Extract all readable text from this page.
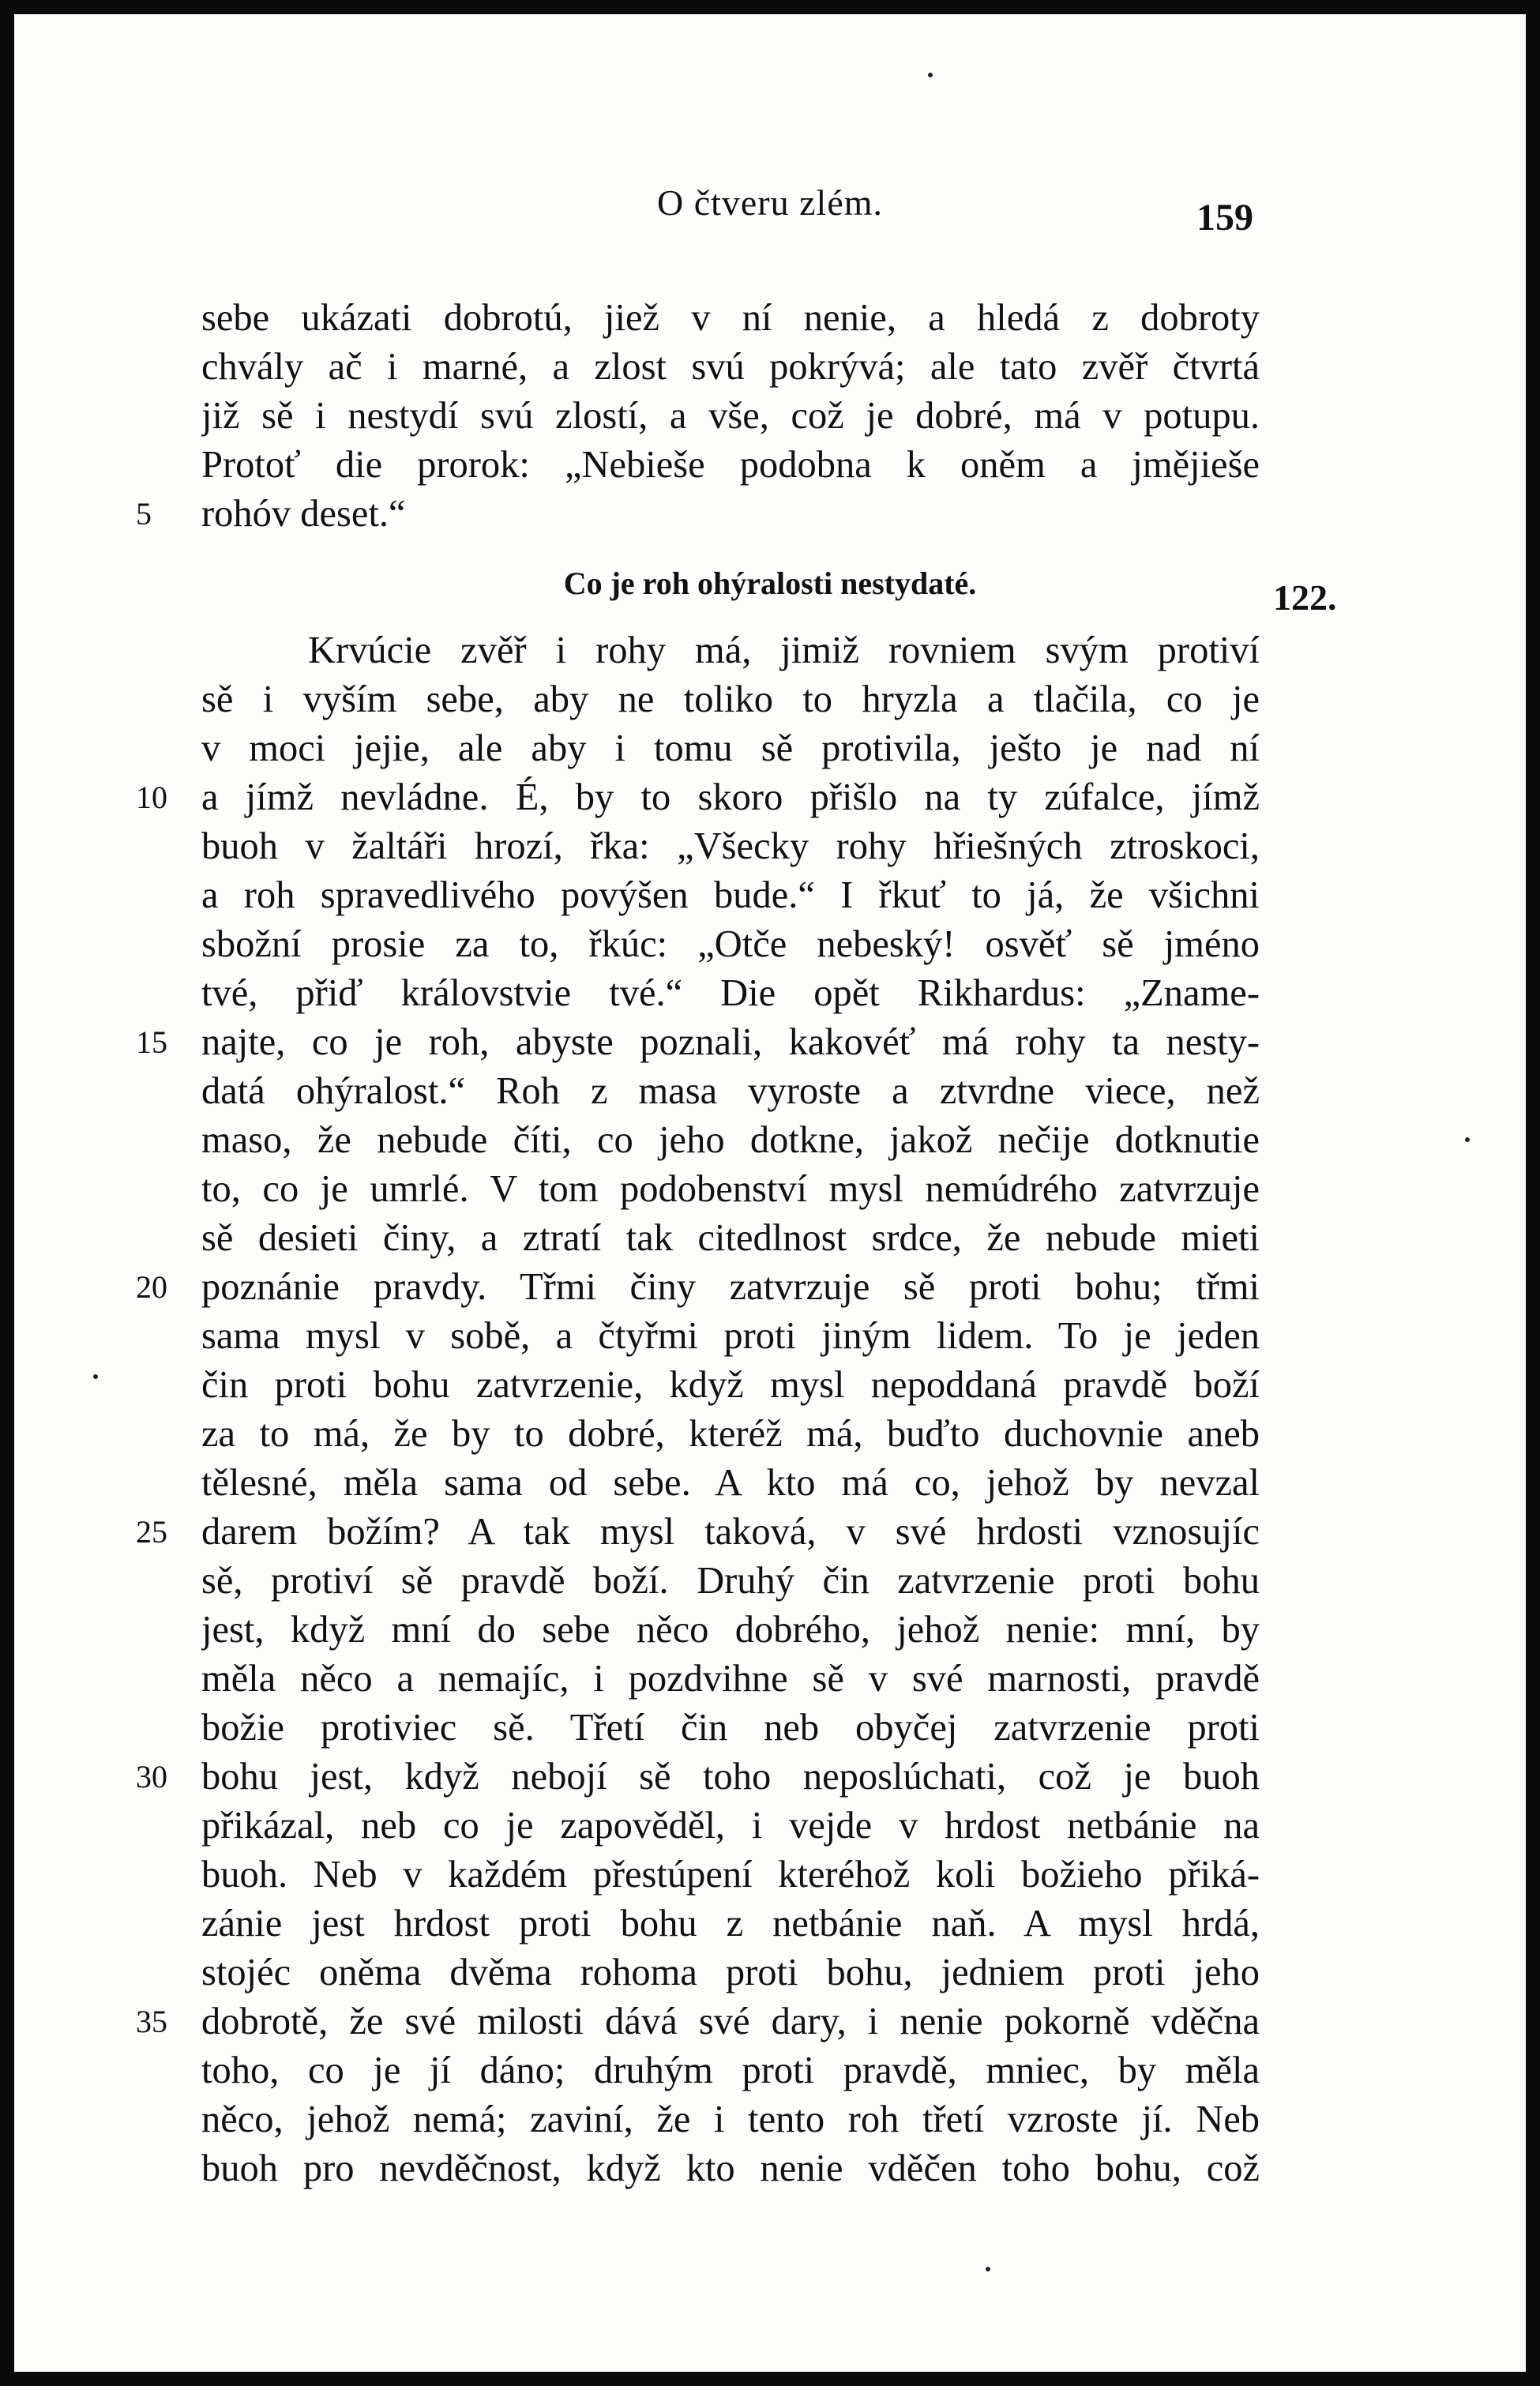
O čtveru zlém.	159
sebe ukázati dobrotú, jiež v ní nenie, a hledá z dobroty
chvály ač i marné, a zlost svú pokrývá; ale tato zvěř čtvrtá
již sě i nestydí svú zlostí, a vše, což je dobré, má v potupu.
Protoť die prorok: „Nebieše podobna k oněm a jmějieše
5	rohóv deset.“
Co je roh ohýralosti nestydaté.	122.
Krvúcie zvěř i rohy má, jimiž rovniem svým protiví
sě i vyším sebe, aby ne toliko to hryzla a tlačila, co je
v moci jejie, ale aby i tomu sě protivila, ješto je nad ní
10 a jímž nevládne. É, by to skoro přišlo na ty zúfalce, jímž
buoh v žaltáři hrozí, řka: „Všecky rohy hřiešných ztroskoci,
a roh spravedlivého povýšen bude.“ I řkuť to já, že všichni
sbožní prosie za to, řkúc: „Otče nebeský! osvěť sě jméno
tvé, přiď královstvie tvé.“ Die opět Rikhardus: „Zname-
15 najte, co je roh, abyste poznali, kakovéť má rohy ta nesty-
datá ohýralost.“ Roh z masa vyroste a ztvrdne viece, než
maso, že nebude číti, co jeho dotkne, jakož nečije dotknutie
to, co je umrlé. V tom podobenství mysl nemúdrého zatvrzuje
sě desieti činy, a ztratí tak citedlnost srdce, že nebude mieti
20 poznánie pravdy. Třmi činy zatvrzuje sě proti bohu; třmi
sama mysl v sobě, a čtyřmi proti jiným lidem. To je jeden
čin proti bohu zatvrzenie, když mysl nepoddaná pravdě boží
za to má, že by to dobré, kteréž má, buďto duchovnie aneb
tělesné, měla sama od sebe. A kto má co, jehož by nevzal
25 darem božím? A tak mysl taková, v své hrdosti vznosujíc
sě, protiví sě pravdě boží. Druhý čin zatvrzenie proti bohu
jest, když mní do sebe něco dobrého, jehož nenie: mní, by
měla něco a nemajíc, i pozdvihne sě v své marnosti, pravdě
božie protiviec sě. Třetí čin neb obyčej zatvrzenie proti
30 bohu jest, když nebojí sě toho neposlúchati, což je buoh
přikázal, neb co je zapověděl, i vejde v hrdost netbánie na
buoh. Neb v každém přestúpení kteréhož koli božieho přiká-
zánie jest hrdost proti bohu z netbánie naň. A mysl hrdá,
stojéc oněma dvěma rohoma proti bohu, jedniem proti jeho
35 dobrotě, že své milosti dává své dary, i nenie pokorně vděčna
toho, co je jí dáno; druhým proti pravdě, mniec, by měla
něco, jehož nemá; zaviní, že i tento roh třetí vzroste jí. Neb
buoh pro nevděčnost, když kto nenie vděčen toho bohu, což
